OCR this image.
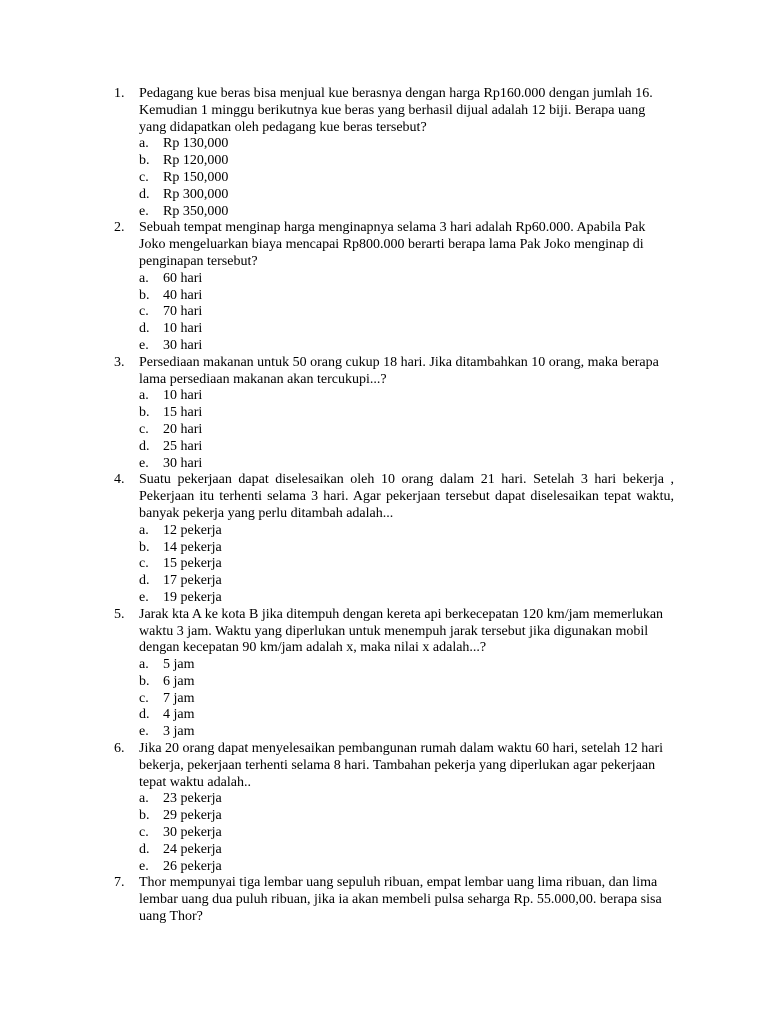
1. Pedagang kue beras bisa menjual kue berasnya dengan harga Rp160.000 dengan jumlah 16. Kemudian 1 minggu berikutnya kue beras yang berhasil dijual adalah 12 biji. Berapa uang yang didapatkan oleh pedagang kue beras tersebut?
a. Rp 130,000
b. Rp 120,000
c. Rp 150,000
d. Rp 300,000
e. Rp 350,000
2. Sebuah tempat menginap harga menginapnya selama 3 hari adalah Rp60.000. Apabila Pak Joko mengeluarkan biaya mencapai Rp800.000 berarti berapa lama Pak Joko menginap di penginapan tersebut?
a. 60 hari
b. 40 hari
c. 70 hari
d. 10 hari
e. 30 hari
3. Persediaan makanan untuk 50 orang cukup 18 hari. Jika ditambahkan 10 orang, maka berapa lama persediaan makanan akan tercukupi...?
a. 10 hari
b. 15 hari
c. 20 hari
d. 25 hari
e. 30 hari
4. Suatu pekerjaan dapat diselesaikan oleh 10 orang dalam 21 hari. Setelah 3 hari bekerja , Pekerjaan itu terhenti selama 3 hari. Agar pekerjaan tersebut dapat diselesaikan tepat waktu, banyak pekerja yang perlu ditambah adalah...
a. 12 pekerja
b. 14 pekerja
c. 15 pekerja
d. 17 pekerja
e. 19 pekerja
5. Jarak kta A ke kota B jika ditempuh dengan kereta api berkecepatan 120 km/jam memerlukan waktu 3 jam. Waktu yang diperlukan untuk menempuh jarak tersebut jika digunakan mobil dengan kecepatan 90 km/jam adalah x, maka nilai x adalah...?
a. 5 jam
b. 6 jam
c. 7 jam
d. 4 jam
e. 3 jam
6. Jika 20 orang dapat menyelesaikan pembangunan rumah dalam waktu 60 hari, setelah 12 hari bekerja, pekerjaan terhenti selama 8 hari. Tambahan pekerja yang diperlukan agar pekerjaan tepat waktu adalah..
a. 23 pekerja
b. 29 pekerja
c. 30 pekerja
d. 24 pekerja
e. 26 pekerja
7. Thor mempunyai tiga lembar uang sepuluh ribuan, empat lembar uang lima ribuan, dan lima lembar uang dua puluh ribuan, jika ia akan membeli pulsa seharga Rp. 55.000,00. berapa sisa uang Thor?
